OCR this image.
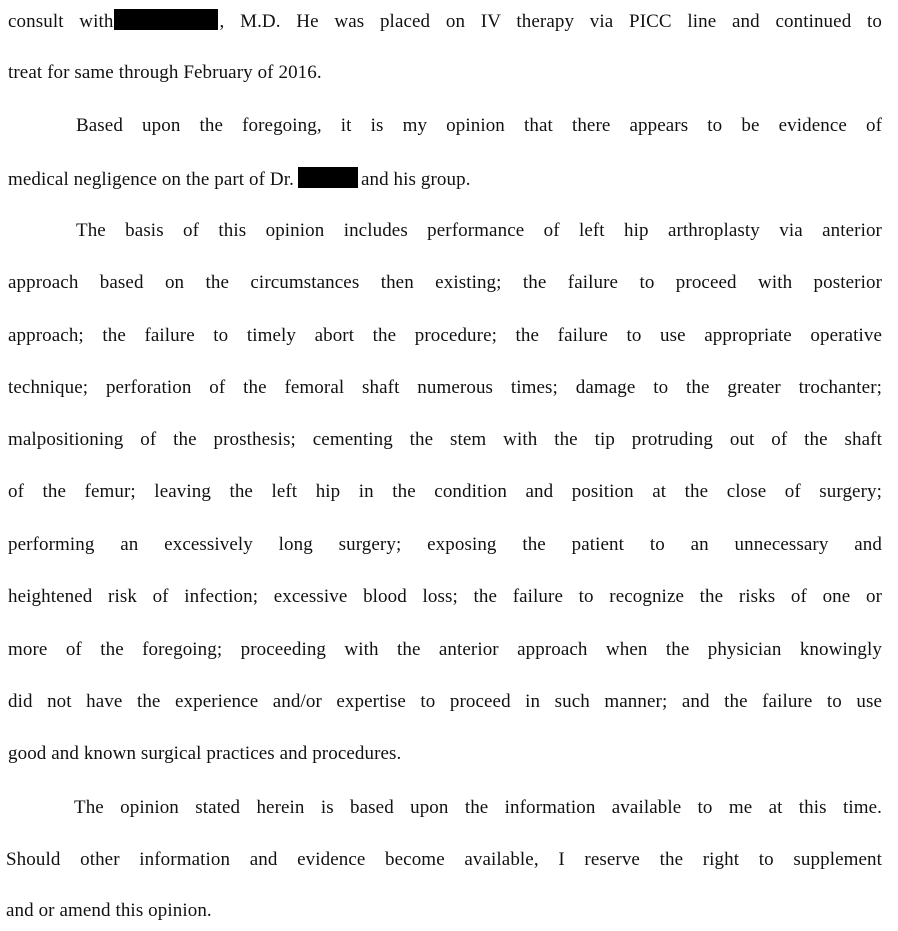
consult with	, M.D. He was placed on IV therapy via PICC line and continued to
treat for same through February of 2016.
Based upon the foregoing, it is my opinion that there appears to be evidence of
medical negligence on the part of Dr.	and his group.
The basis of this opinion includes performance of left hip arthroplasty via anterior
approach based on the circumstances then existing; the failure to proceed with posterior
approach; the failure to timely abort the procedure; the failure to use appropriate operative
technique; perforation of the femoral shaft numerous times; damage to the greater trochanter;
malpositioning of the prosthesis; cementing the stem with the tip protruding out of the shaft
of the femur; leaving the left hip in the condition and position at the close of surgery;
performing an excessively long surgery; exposing the patient to an unnecessary and
heightened risk of infection; excessive blood loss; the failure to recognize the risks of one or
more of the foregoing; proceeding with the anterior approach when the physician knowingly
did not have the experience and/or expertise to proceed in such manner; and the failure to use
good and known surgical practices and procedures.
The opinion stated herein is based upon the information available to me at this time.
Should other information and evidence become available, I reserve the right to supplement
and or amend this opinion.
